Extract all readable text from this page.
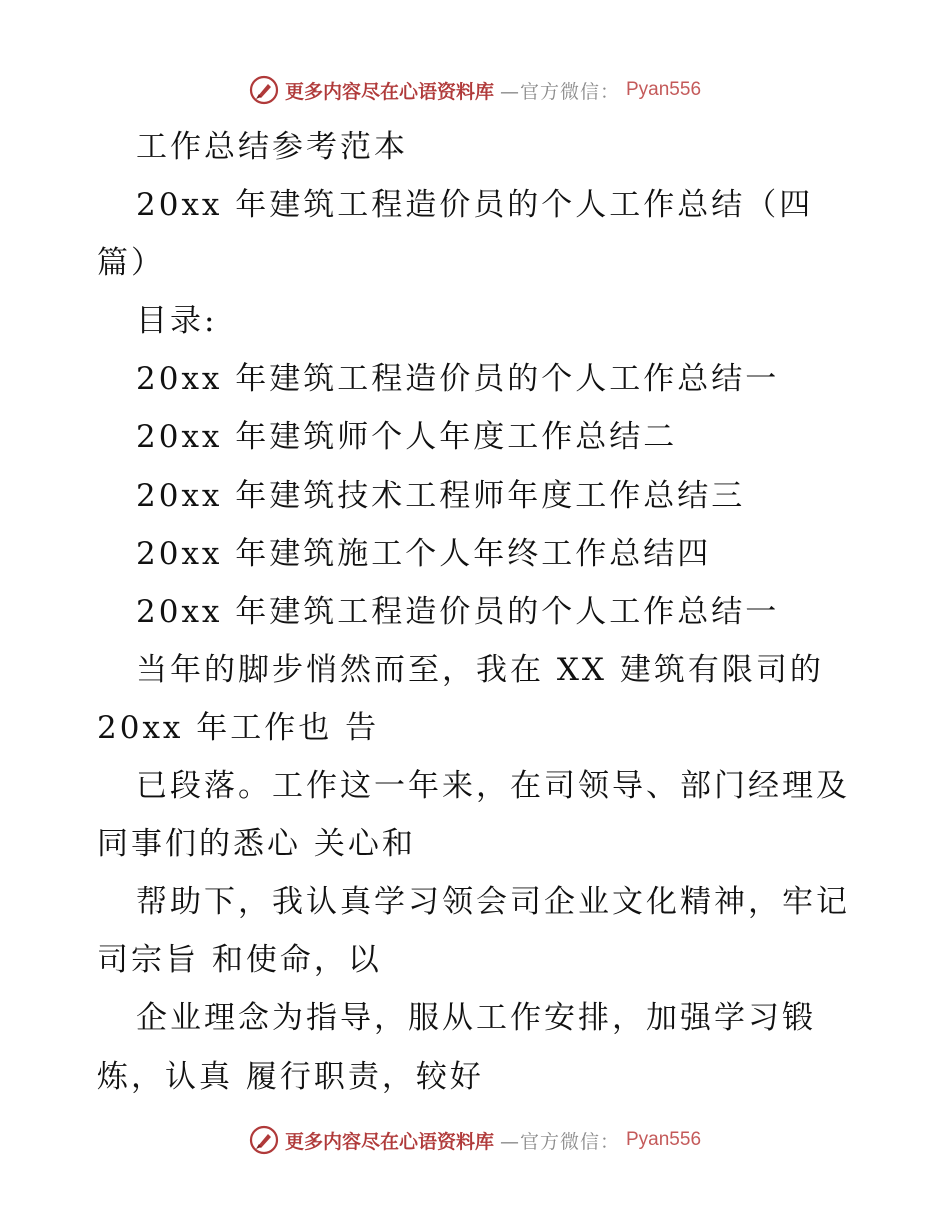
更多内容尽在心语资料库 —官方微信： Pyan556
工作总结参考范本
20xx 年建筑工程造价员的个人工作总结（四
篇）
目录:
20xx 年建筑工程造价员的个人工作总结一
20xx 年建筑师个人年度工作总结二
20xx 年建筑技术工程师年度工作总结三
20xx 年建筑施工个人年终工作总结四
20xx 年建筑工程造价员的个人工作总结一
当年的脚步悄然而至，我在 XX 建筑有限司的
20xx 年工作也 告
已段落。工作这一年来，在司领导、部门经理及
同事们的悉心 关心和
帮助下，我认真学习领会司企业文化精神，牢记
司宗旨 和使命，以
企业理念为指导，服从工作安排，加强学习锻
炼，认真 履行职责，较好
更多内容尽在心语资料库 —官方微信： Pyan556
